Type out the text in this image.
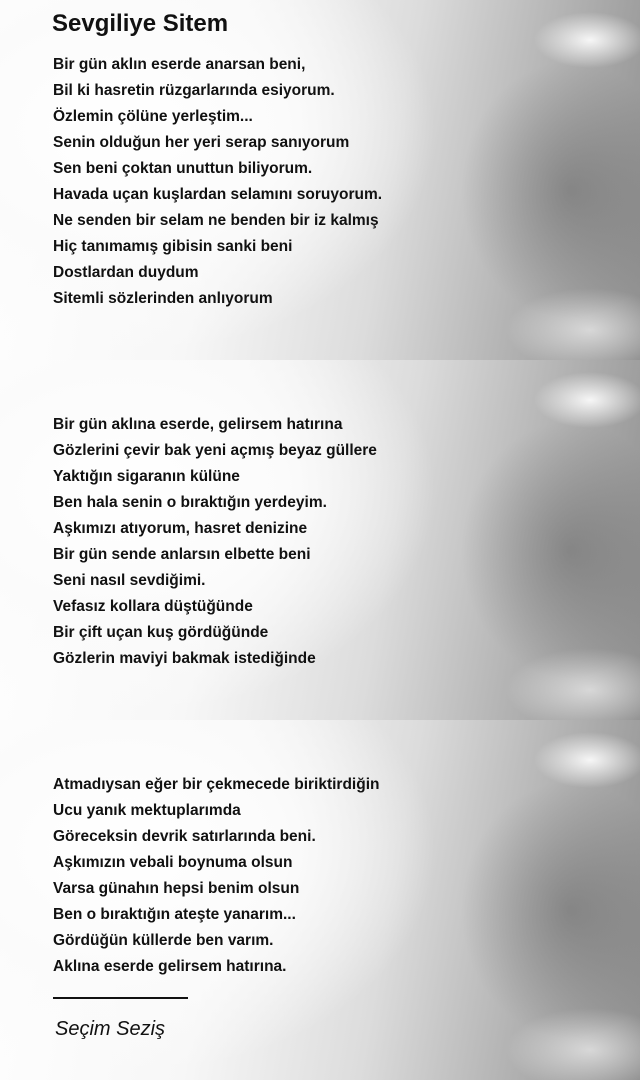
Sevgiliye Sitem
Bir gün aklın eserde anarsan beni,
Bil ki hasretin rüzgarlarında esiyorum.
Özlemin çölüne yerleştim...
Senin olduğun her yeri serap sanıyorum
Sen beni çoktan unuttun biliyorum.
Havada uçan kuşlardan selamını soruyorum.
Ne senden bir selam ne benden bir iz kalmış
Hiç tanımamış gibisin sanki beni
Dostlardan duydum
Sitemli sözlerinden anlıyorum
Bir gün aklına eserde, gelirsem hatırına
Gözlerini çevir bak yeni açmış beyaz güllere
Yaktığın sigaranın külüne
Ben hala senin o bıraktığın yerdeyim.
Aşkımızı atıyorum, hasret denizine
Bir gün sende anlarsın elbette beni
Seni nasıl sevdiğimi.
Vefasız kollara düştüğünde
Bir çift uçan kuş gördüğünde
Gözlerin maviyi bakmak istediğinde
Atmadıysan eğer bir çekmecede biriktirdiğin
Ucu yanık mektuplarımda
Göreceksin devrik satırlarında beni.
Aşkımızın vebali boynuma olsun
Varsa günahın hepsi benim olsun
Ben o bıraktığın ateşte yanarım...
Gördüğün küllerde ben varım.
Aklına eserde gelirsem hatırına.
Seçim Seziş
